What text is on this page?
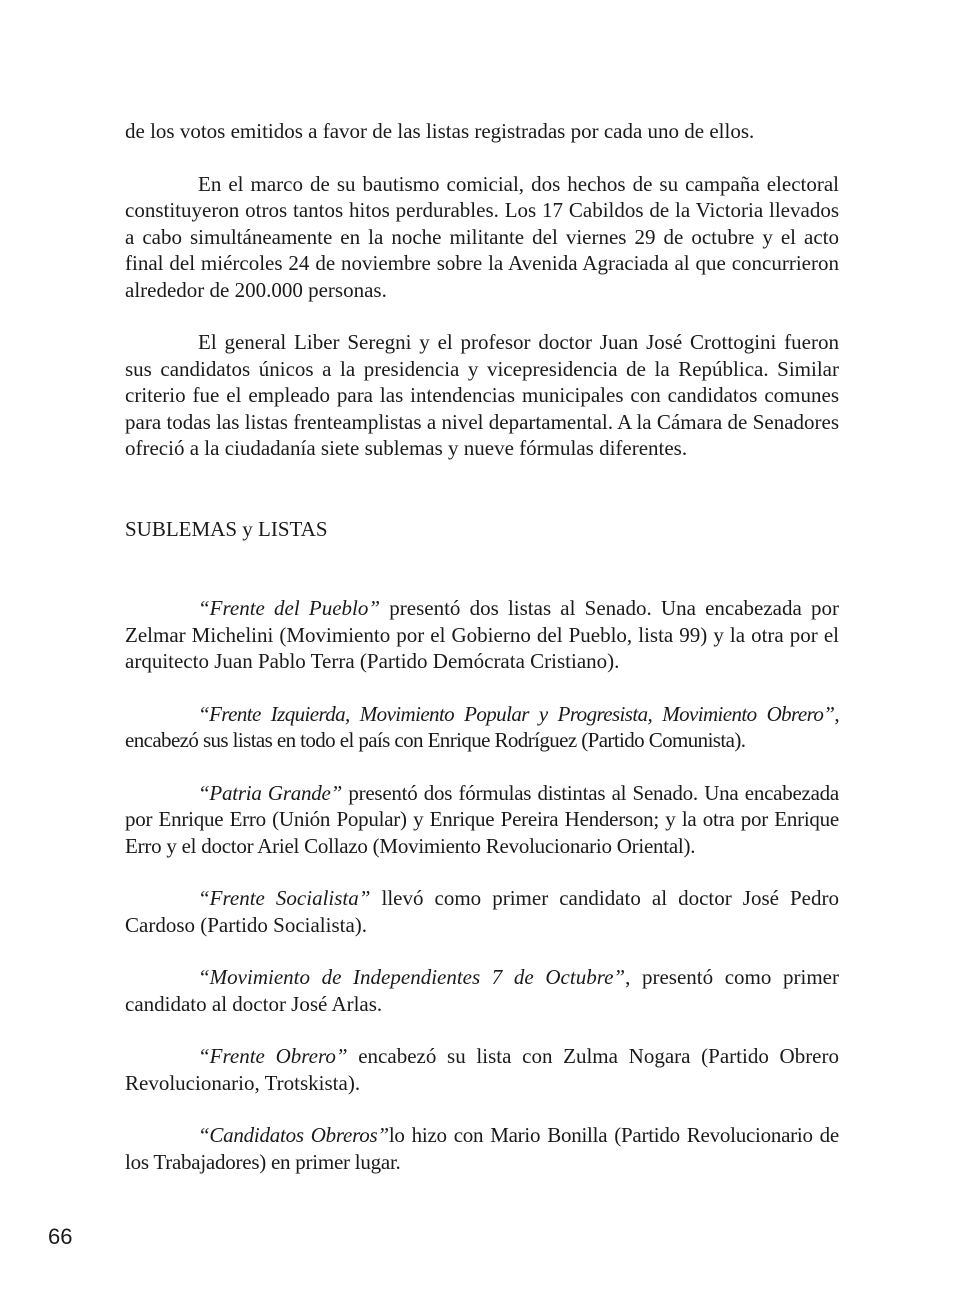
de los votos emitidos a favor de las listas registradas por cada uno de ellos.

En el marco de su bautismo comicial, dos hechos de su campaña electoral constituyeron otros tantos hitos perdurables. Los 17 Cabildos de la Victoria llevados a cabo simultáneamente en la noche militante del viernes 29 de octubre y el acto final del miércoles 24 de noviembre sobre la Avenida Agraciada al que concurrieron alrededor de 200.000 personas.

El general Liber Seregni y el profesor doctor Juan José Crottogini fueron sus candidatos únicos a la presidencia y vicepresidencia de la República. Similar criterio fue el empleado para las intendencias municipales con candidatos comunes para todas las listas frenteamplistas a nivel departamental. A la Cámara de Senadores ofreció a la ciudadanía siete sublemas y nueve fórmulas diferentes.

SUBLEMAS y LISTAS

“Frente del Pueblo” presentó dos listas al Senado. Una encabezada por Zelmar Michelini (Movimiento por el Gobierno del Pueblo, lista 99) y la otra por el arquitecto Juan Pablo Terra (Partido Demócrata Cristiano).

“Frente Izquierda, Movimiento Popular y Progresista, Movimiento Obrero”, encabezó sus listas en todo el país con Enrique Rodríguez (Partido Comunista).

“Patria Grande” presentó dos fórmulas distintas al Senado. Una encabezada por Enrique Erro (Unión Popular) y Enrique Pereira Henderson; y la otra por Enrique Erro y el doctor Ariel Collazo (Movimiento Revolucionario Oriental).

“Frente Socialista” llevó como primer candidato al doctor José Pedro Cardoso (Partido Socialista).

“Movimiento de Independientes 7 de Octubre”, presentó como primer candidato al doctor José Arlas.

“Frente Obrero” encabezó su lista con Zulma Nogara (Partido Obrero Revolucionario, Trotskista).

“Candidatos Obreros”lo hizo con Mario Bonilla (Partido Revolucionario de los Trabajadores) en primer lugar.

66
